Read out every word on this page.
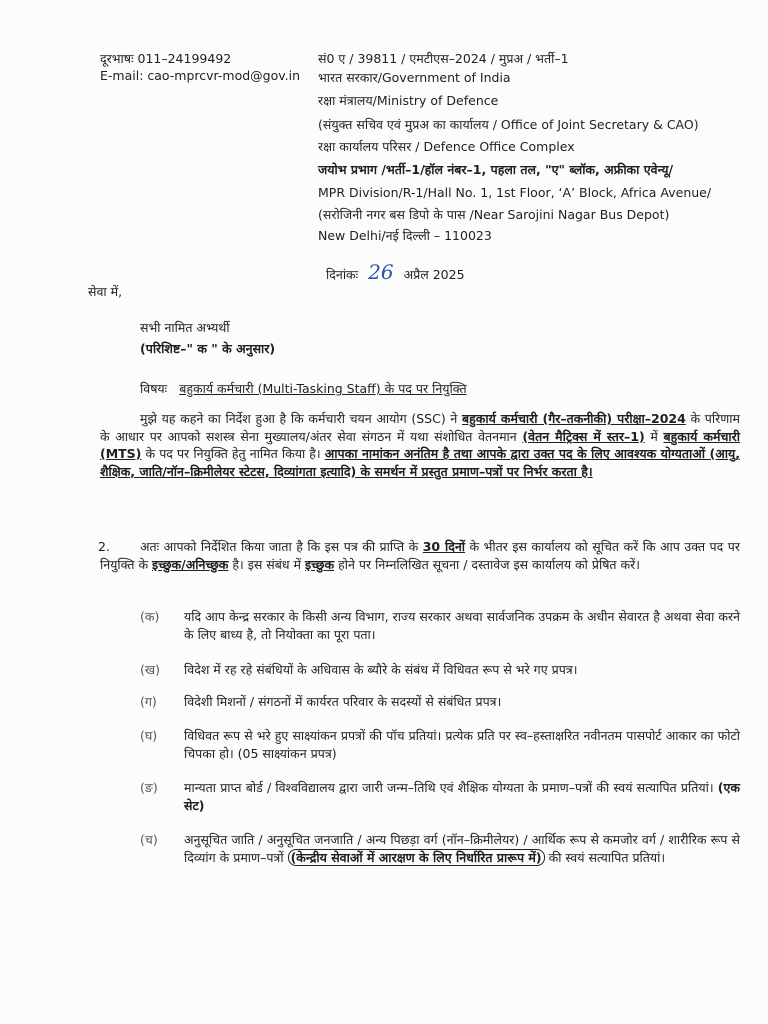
दूरभाषः 011–24199492
E-mail: cao-mprcvr-mod@gov.in
सं0 ए / 39811 / एमटीएस–2024 / मुप्रअ / भर्ती–1
भारत सरकार/Government of India
रक्षा मंत्रालय/Ministry of Defence
(संयुक्त सचिव एवं मुप्रअ का कार्यालय / Office of Joint Secretary & CAO)
रक्षा कार्यालय परिसर / Defence Office Complex
जयोभ प्रभाग /भर्ती–1/हॉल नंबर–1, पहला तल, "ए" ब्लॉक, अफ्रीका एवेन्यू/
MPR Division/R-1/Hall No. 1, 1st Floor, ‘A’ Block, Africa Avenue/
(सरोजिनी नगर बस डिपो के पास /Near Sarojini Nagar Bus Depot)
New Delhi/नई दिल्ली – 110023
दिनांकः 26 अप्रैल 2025
सेवा में,
सभी नामित अभ्यर्थी
(परिशिष्ट–" क " के अनुसार)
विषयः बहुकार्य कर्मचारी (Multi-Tasking Staff) के पद पर नियुक्ति
मुझे यह कहने का निर्देश हुआ है कि कर्मचारी चयन आयोग (SSC) ने बहुकार्य कर्मचारी (गैर–तकनीकी) परीक्षा–2024 के परिणाम के आधार पर आपको सशस्त्र सेना मुख्यालय/अंतर सेवा संगठन में यथा संशोधित वेतनमान (वेतन मैट्रिक्स में स्तर–1) में बहुकार्य कर्मचारी (MTS) के पद पर नियुक्ति हेतु नामित किया है। आपका नामांकन अनंतिम है तथा आपके द्वारा उक्त पद के लिए आवश्यक योग्यताओं (आयु, शैक्षिक, जाति/नॉन–क्रिमीलेयर स्टेटस, दिव्यांगता इत्यादि) के समर्थन में प्रस्तुत प्रमाण–पत्रों पर निर्भर करता है।
2. अतः आपको निर्देशित किया जाता है कि इस पत्र की प्राप्ति के 30 दिनों के भीतर इस कार्यालय को सूचित करें कि आप उक्त पद पर नियुक्ति के इच्छुक/अनिच्छुक है। इस संबंध में इच्छुक होने पर निम्नलिखित सूचना / दस्तावेज इस कार्यालय को प्रेषित करें।
(क) यदि आप केन्द्र सरकार के किसी अन्य विभाग, राज्य सरकार अथवा सार्वजनिक उपक्रम के अधीन सेवारत है अथवा सेवा करने के लिए बाध्य है, तो नियोक्ता का पूरा पता।
(ख) विदेश में रह रहे संबंधियों के अधिवास के ब्यौरे के संबंध में विधिवत रूप से भरे गए प्रपत्र।
(ग) विदेशी मिशनों / संगठनों में कार्यरत परिवार के सदस्यों से संबंधित प्रपत्र।
(घ) विधिवत रूप से भरे हुए साक्ष्यांकन प्रपत्रों की पॉच प्रतियां। प्रत्येक प्रति पर स्व–हस्ताक्षरित नवीनतम पासपोर्ट आकार का फोटो चिपका हो। (05 साक्ष्यांकन प्रपत्र)
(ङ) मान्यता प्राप्त बोर्ड / विश्वविद्यालय द्वारा जारी जन्म–तिथि एवं शैक्षिक योग्यता के प्रमाण–पत्रों की स्वयं सत्यापित प्रतियां। (एक सेट)
(च) अनुसूचित जाति / अनुसूचित जनजाति / अन्य पिछड़ा वर्ग (नॉन–क्रिमीलेयर) / आर्थिक रूप से कमजोर वर्ग / शारीरिक रूप से दिव्यांग के प्रमाण–पत्रों (केन्द्रीय सेवाओं में आरक्षण के लिए निर्धारित प्रारूप में) की स्वयं सत्यापित प्रतियां।
